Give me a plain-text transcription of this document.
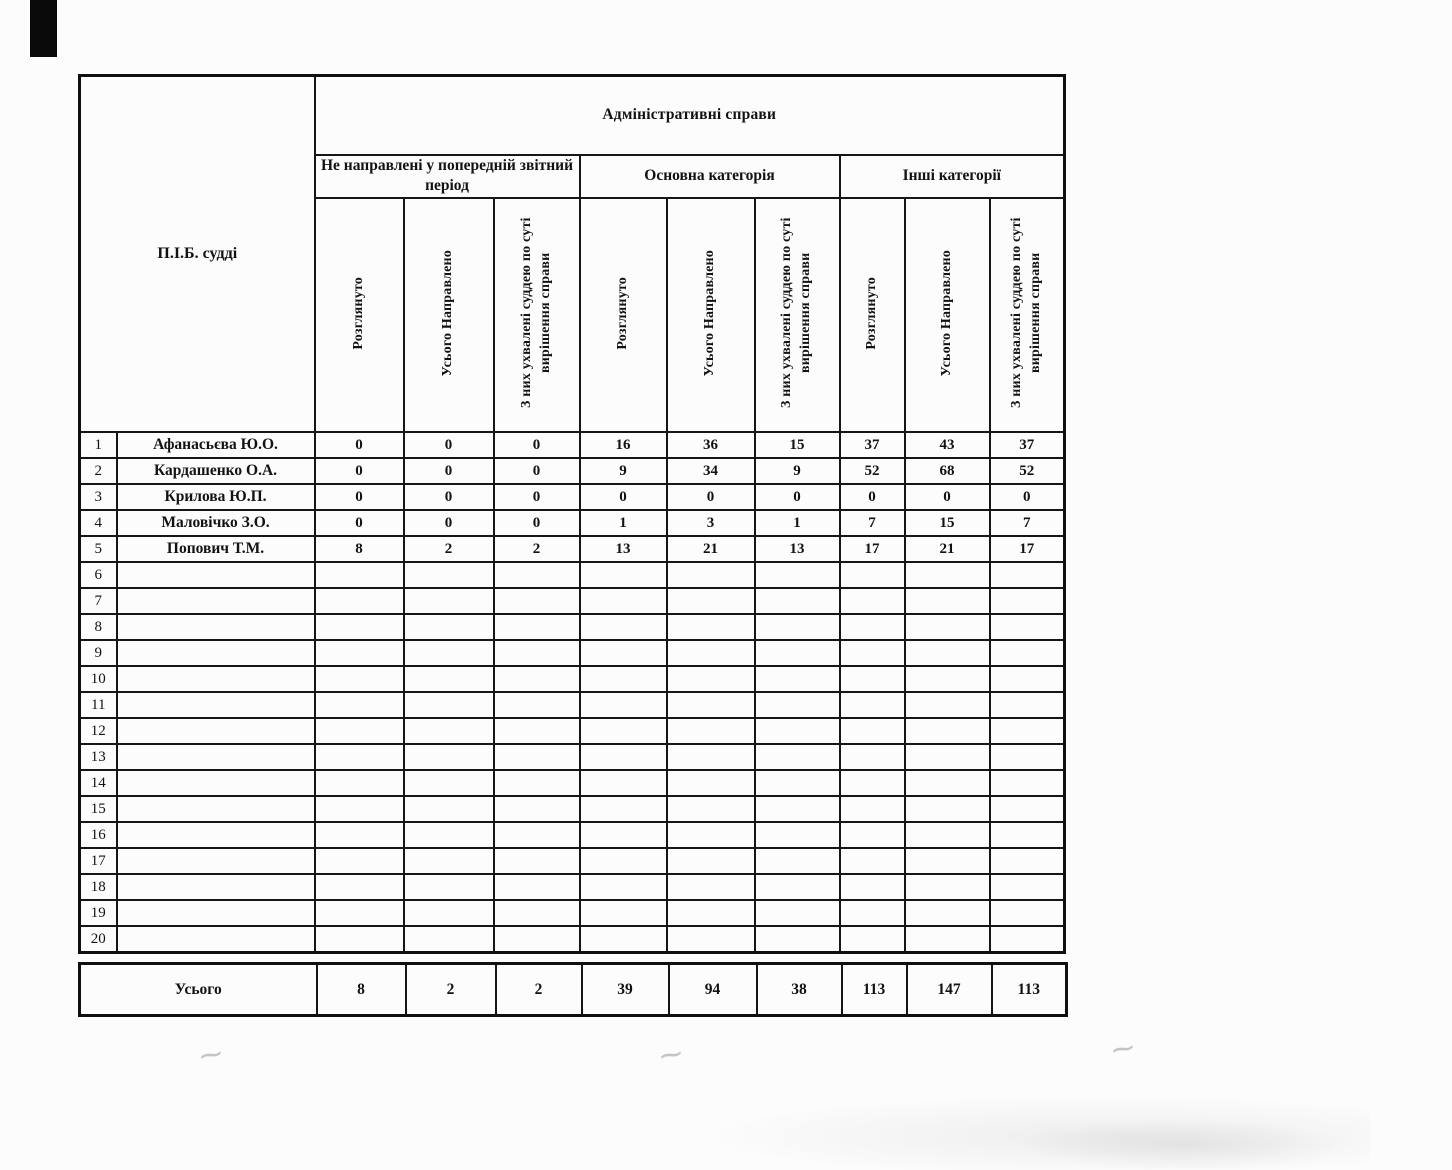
П.І.Б. судді		Адміністративні справи								
		Не направлені у попередній звітний період			Основна категорія			Інші категорії		
		Розглянуто	Усього Направлено	З них ухвалені суддею по суті вирішення справи	Розглянуто	Усього Направлено	З них ухвалені суддею по суті вирішення справи	Розглянуто	Усього Направлено	З них ухвалені суддею по суті вирішення справи
1	Афанасьєва Ю.О.	0	0	0	16	36	15	37	43	37
2	Кардашенко О.А.	0	0	0	9	34	9	52	68	52
3	Крилова Ю.П.	0	0	0	0	0	0	0	0	0
4	Маловічко З.О.	0	0	0	1	3	1	7	15	7
5	Попович Т.М.	8	2	2	13	21	13	17	21	17
6										
7										
8										
9										
10										
11										
12										
13										
14										
15										
16										
17										
18										
19										
20										
Усього	8	2	2	39	94	38	113	147	113
⁓	⁓	⁓
